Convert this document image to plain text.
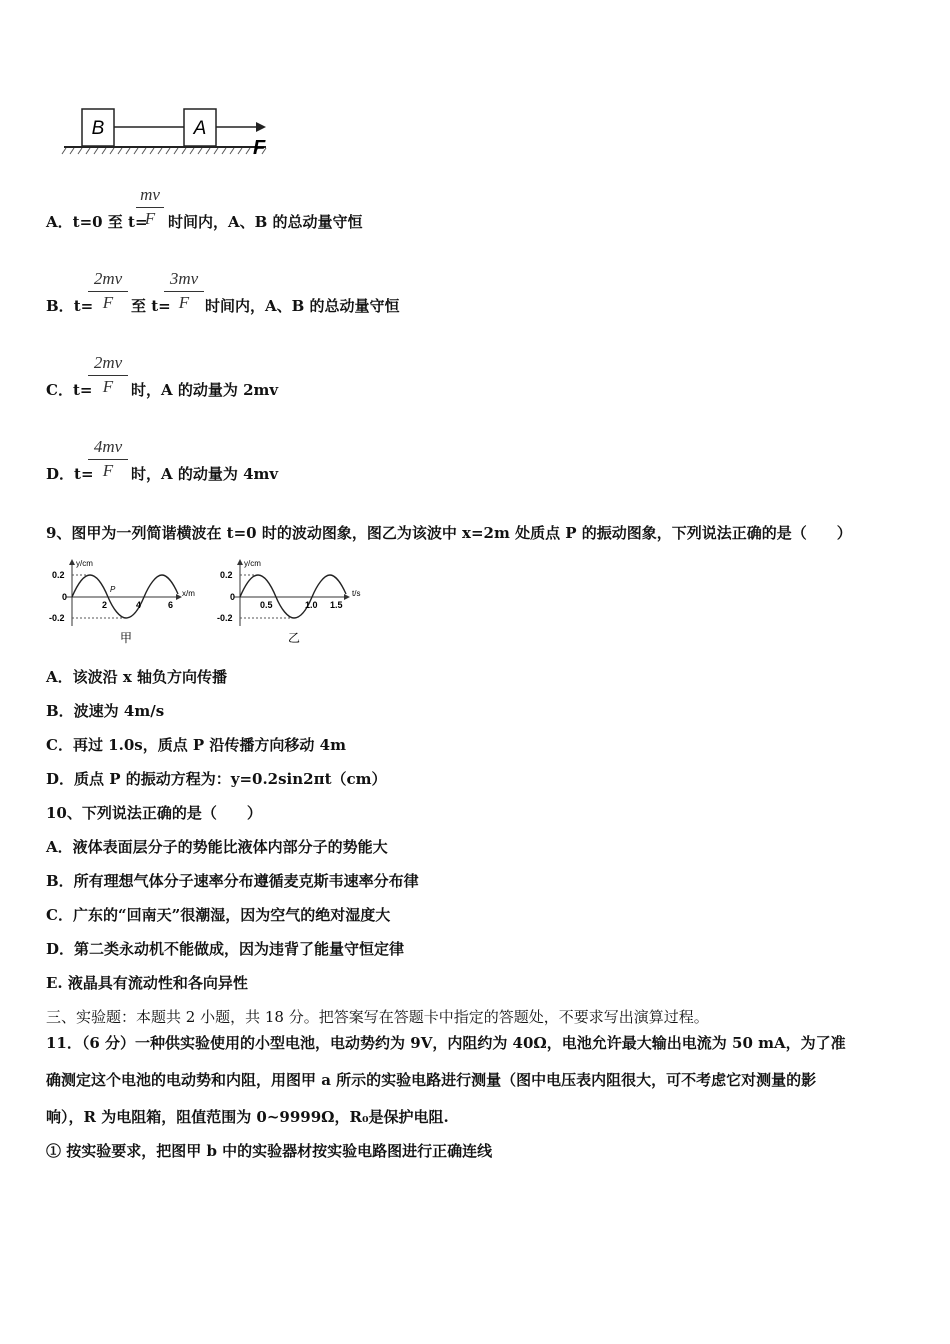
B	A
F
A．t=0 至 t=
mv
F 时间内，A、B 的总动量守恒
B．t=
2mv
F	至 t=
3mv
F	时间内，A、B 的总动量守恒
C．t=
2mv
F	时，A 的动量为 2mv
D．t=
4mv
F	时，A 的动量为 4mv
9、图甲为一列简谐横波在 t=0 时的波动图象，图乙为该波中 x=2m 处质点 P 的振动图象，下列说法正确的是（　　）
y/cm
x/m
0.2
-0.2
0
2	4	6
P
甲
y/cm
t/s
0.2
-0.2
0
0.5	1.0 1.5
乙
A．该波沿 x 轴负方向传播
B．波速为 4m/s
C．再过 1.0s，质点 P 沿传播方向移动 4m
D．质点 P 的振动方程为：y=0.2sin2πt（cm）
10、下列说法正确的是（　　）
A．液体表面层分子的势能比液体内部分子的势能大
B．所有理想气体分子速率分布遵循麦克斯韦速率分布律
C．广东的“回南天”很潮湿，因为空气的绝对湿度大
D．第二类永动机不能做成，因为违背了能量守恒定律
E. 液晶具有流动性和各向异性
三、实验题：本题共 2 小题，共 18 分。把答案写在答题卡中指定的答题处，不要求写出演算过程。
11．（6 分）一种供实验使用的小型电池，电动势约为 9V，内阻约为 40Ω，电池允许最大输出电流为 50 mA，为了准
确测定这个电池的电动势和内阻，用图甲 a 所示的实验电路进行测量（图中电压表内阻很大，可不考虑它对测量的影
响），R 为电阻箱，阻值范围为 0~9999Ω，R₀是保护电阻.
① 按实验要求，把图甲 b 中的实验器材按实验电路图进行正确连线
